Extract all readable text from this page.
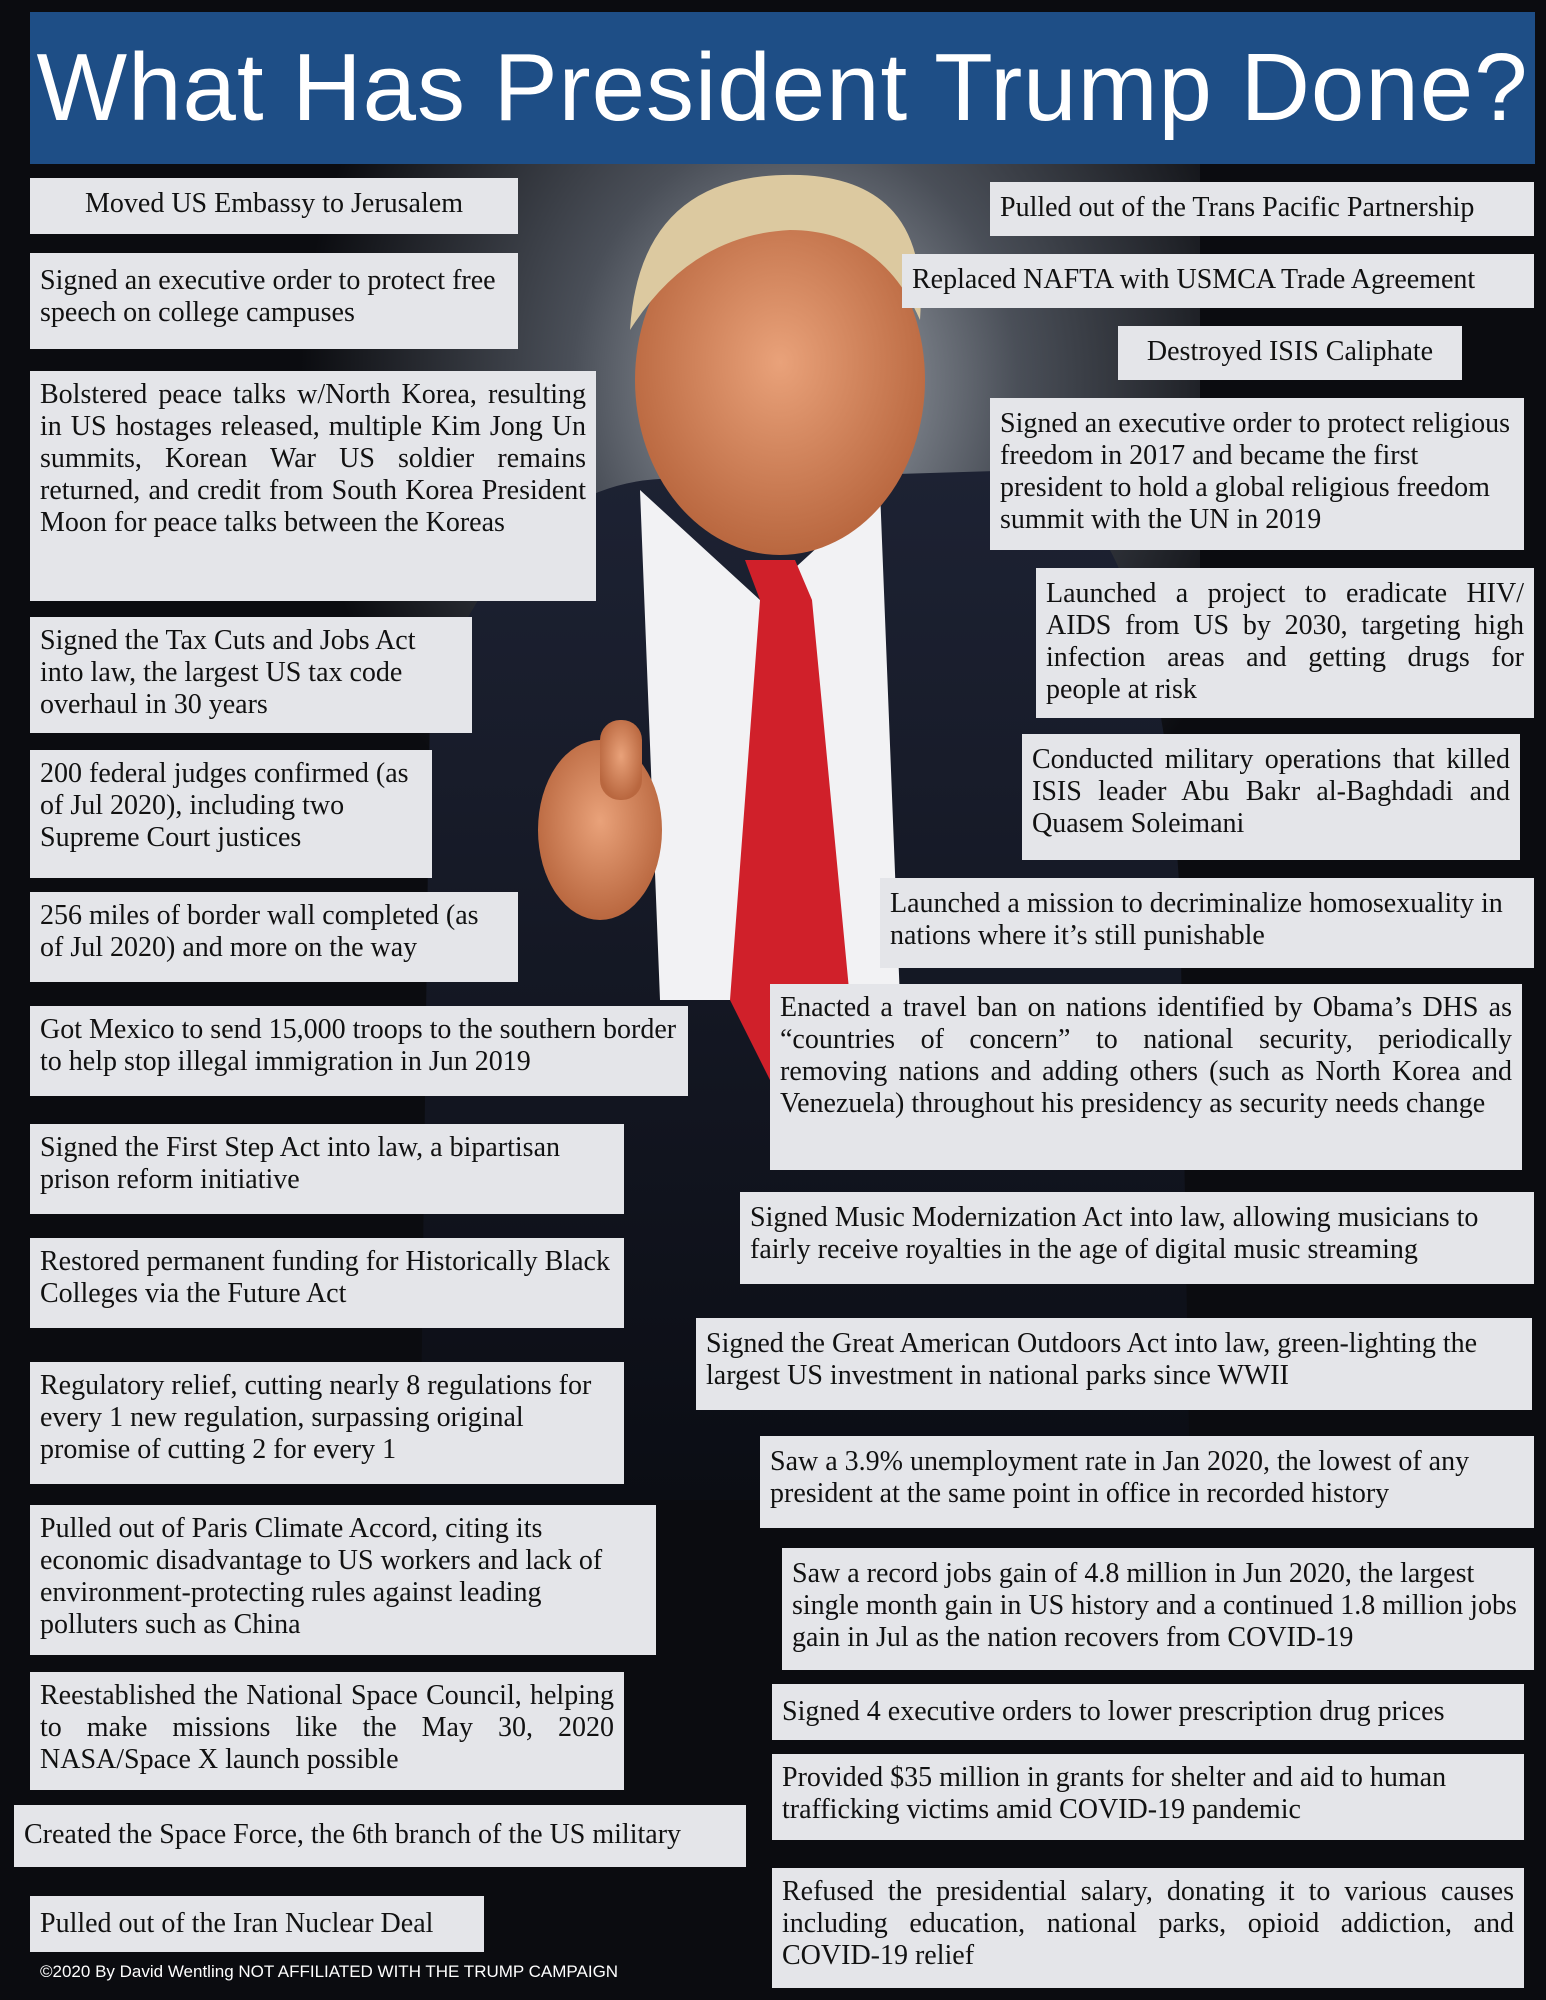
What Has President Trump Done?
Moved US Embassy to Jerusalem
Signed an executive order to protect free speech on college campuses
Bolstered peace talks w/North Korea, resulting in US hostages released, multiple Kim Jong Un summits, Korean War US soldier remains returned, and credit from South Korea President Moon for peace talks between the Koreas
Signed the Tax Cuts and Jobs Act into law, the largest US tax code overhaul in 30 years
200 federal judges confirmed (as of Jul 2020), including two Supreme Court justices
256 miles of border wall completed (as of Jul 2020) and more on the way
Got Mexico to send 15,000 troops to the southern border to help stop illegal immigration in Jun 2019
Signed the First Step Act into law, a bipartisan prison reform initiative
Restored permanent funding for Historically Black Colleges via the Future Act
Regulatory relief, cutting nearly 8 regulations for every 1 new regulation, surpassing original promise of cutting 2 for every 1
Pulled out of Paris Climate Accord, citing its economic disadvantage to US workers and lack of environment-protecting rules against leading polluters such as China
Reestablished the National Space Council, helping to make missions like the May 30, 2020 NASA/Space X launch possible
Created the Space Force, the 6th branch of the US military
Pulled out of the Iran Nuclear Deal
Pulled out of the Trans Pacific Partnership
Replaced NAFTA with USMCA Trade Agreement
Destroyed ISIS Caliphate
Signed an executive order to protect religious freedom in 2017 and became the first president to hold a global religious freedom summit with the UN in 2019
Launched a project to eradicate HIV/ AIDS from US by 2030, targeting high infection areas and getting drugs for people at risk
Conducted military operations that killed ISIS leader Abu Bakr al-Baghdadi and Quasem Soleimani
Launched a mission to decriminalize homosexuality in nations where it’s still punishable
Enacted a travel ban on nations identified by Obama’s DHS as “countries of concern” to national security, periodically removing nations and adding others (such as North Korea and Venezuela) throughout his presidency as security needs change
Signed Music Modernization Act into law, allowing musicians to fairly receive royalties in the age of digital music streaming
Signed the Great American Outdoors Act into law, green-lighting the largest US investment in national parks since WWII
Saw a 3.9% unemployment rate in Jan 2020, the lowest of any president at the same point in office in recorded history
Saw a record jobs gain of 4.8 million in Jun 2020, the largest single month gain in US history and a continued 1.8 million jobs gain in Jul as the nation recovers from COVID-19
Signed 4 executive orders to lower prescription drug prices
Provided $35 million in grants for shelter and aid to human trafficking victims amid COVID-19 pandemic
Refused the presidential salary, donating it to various causes including education, national parks, opioid addiction, and COVID-19 relief
©2020 By David Wentling NOT AFFILIATED WITH THE TRUMP CAMPAIGN
